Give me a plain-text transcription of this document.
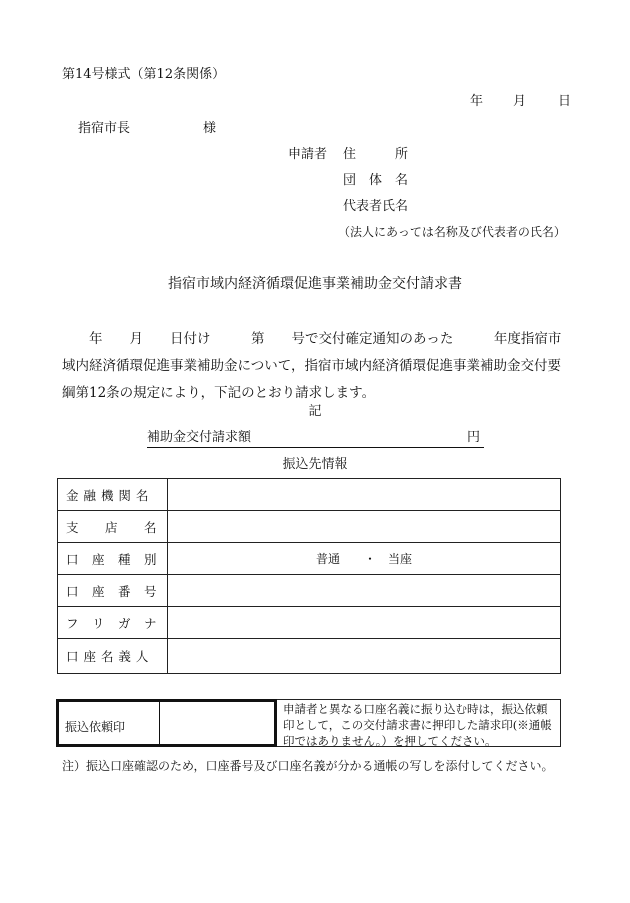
第14号様式（第12条関係）
年 月 日
指宿市長	様
申請者 住　　　所
団　体　名
代表者氏名
（法人にあっては名称及び代表者の氏名）
指宿市域内経済循環促進事業補助金交付請求書
　　年　　月　　日付け　　　第　　号で交付確定通知のあった　　　年度指宿市域内経済循環促進事業補助金について，指宿市域内経済循環促進事業補助金交付要綱第12条の規定により，下記のとおり請求します。
記
補助金交付請求額	円

振込先情報
金 融 機 関 名	
支　　店　　名	
口　座　種　別	普通　　・　当座
口　座　番　号	
フ　リ　ガ　ナ	
口 座 名 義 人	
振込依頼印
申請者と異なる口座名義に振り込む時は，振込依頼印として，この交付請求書に押印した請求印(※通帳印ではありません。）を押してください。
注）振込口座確認のため，口座番号及び口座名義が分かる通帳の写しを添付してください。
